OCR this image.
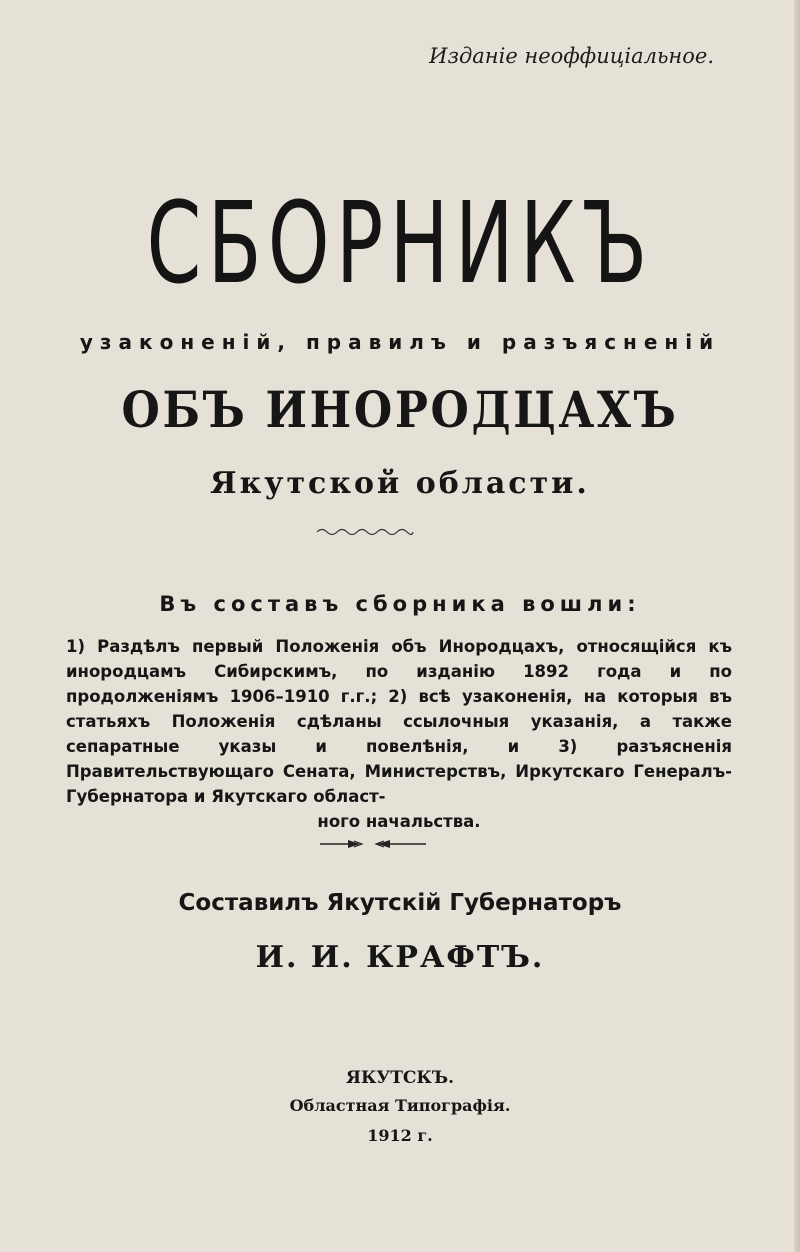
Изданіе неоффиціальное.
СБОРНИКЪ
узаконеній, правилъ и разъясненій
ОБЪ ИНОРОДЦАХЪ
Якутской области.
Въ составъ сборника вошли:
1) Раздѣлъ первый Положенія объ Инородцахъ, относящійся къ инородцамъ Сибирскимъ, по изданію 1892 года и по продолженіямъ 1906–1910 г.г.; 2) всѣ узаконенія, на которыя въ статьяхъ Положенія сдѣланы ссылочныя указанія, а также сепаратные указы и повелѣнія, и 3) разъясненія Правительствующаго Сената, Министерствъ, Иркутскаго Генералъ-Губернатора и Якутскаго област-
ного начальства.
Составилъ Якутскій Губернаторъ
И. И. КРАФТЪ.
ЯКУТСКЪ.
Областная Типографія.
1912 г.
